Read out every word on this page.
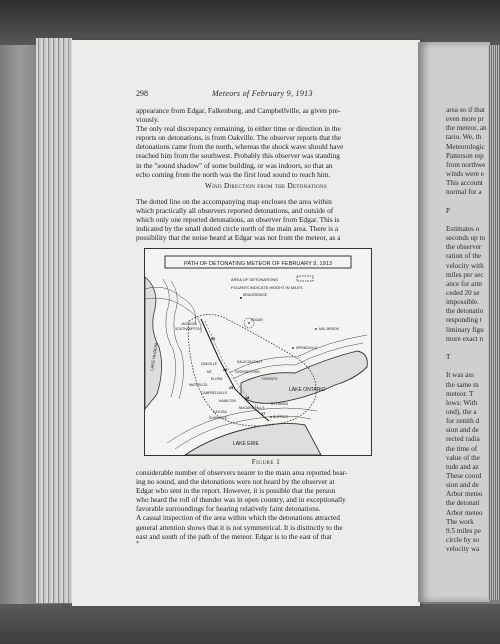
area so if that
even more pr
the meteor, an
tario. We, th
Meteorologic
Patterson rep
from northwe
winds were e
This account
normal for a
P
Estimates o
seconds up to
the observer
ration of the
velocity with
miles per sec
ance for atm
ceded 20 se
impossible.
the detonatio
responding t
liminary figu
more exact n
T
It was ass
the same m
meteor. T
lows: With
ond), the a
for zenith d
sion and de
rected radia
the time of
value of the
tude and az
These coord
sion and de
Arbor meteo
the detonati
Arbor meteo
The work
9.5 miles pe
circle by so
velocity wa
298	Meteors of February 9, 1913
appearance from Edgar, Falkenburg, and Campbellville, as given pre-
viously.
The only real discrepancy remaining, in either time or direction in the
reports on detonations, is from Oakville. The observer reports that the
detonations came from the north, whereas the shock wave should have
reached him from the southwest. Probably this observer was standing
in the "sound shadow" of some building, or was indoors, so that an
echo coming from the north was the first loud sound to reach him.
Wind Direction from the Detonations
The dotted line on the accompanying map encloses the area within
which practically all observers reported detonations, and outside of
which only one reported detonations, an observer from Edgar. This is
indicated by the small dotted circle north of the main area. There is a
possibility that the noise heard at Edgar was not from the meteor, as a
PATH OF DETONATING METEOR OF FEBRUARY 9, 1913
AREA OF DETONATIONS
FIGURES INDICATE HEIGHT IN MILES
LAKE HURON
LAKE ONTARIO
LAKE ERIE
BRACEBRIDGE
JACKSON
SOUTHAMPTON
EDGAR
MILL BROOK
SPRINGVILLE
OAKVILLE	SALECON EAST
GEORGETOWN
TORONTO
MT
ELORA
WATERLOO
CAMPBELLVILLE
HAMILTON
NIAGARA FALLS
ST DAVIDS
CAYUGA
DUNNVILLE	BUFFALO
50
28
25
18
27
Figure 1
considerable number of observers nearer to the main area reported hear-
ing no sound, and the detonations were not heard by the observer at
Edgar who sent in the report. However, it is possible that the person
who heard the roll of thunder was in open country, and in exceptionally
favorable surroundings for hearing relatively faint detonations.
A casual inspection of the area within which the detonations attracted
general attention shows that it is not symmetrical. It is distinctly to the
east and south of the path of the meteor. Edgar is to the east of that
*
